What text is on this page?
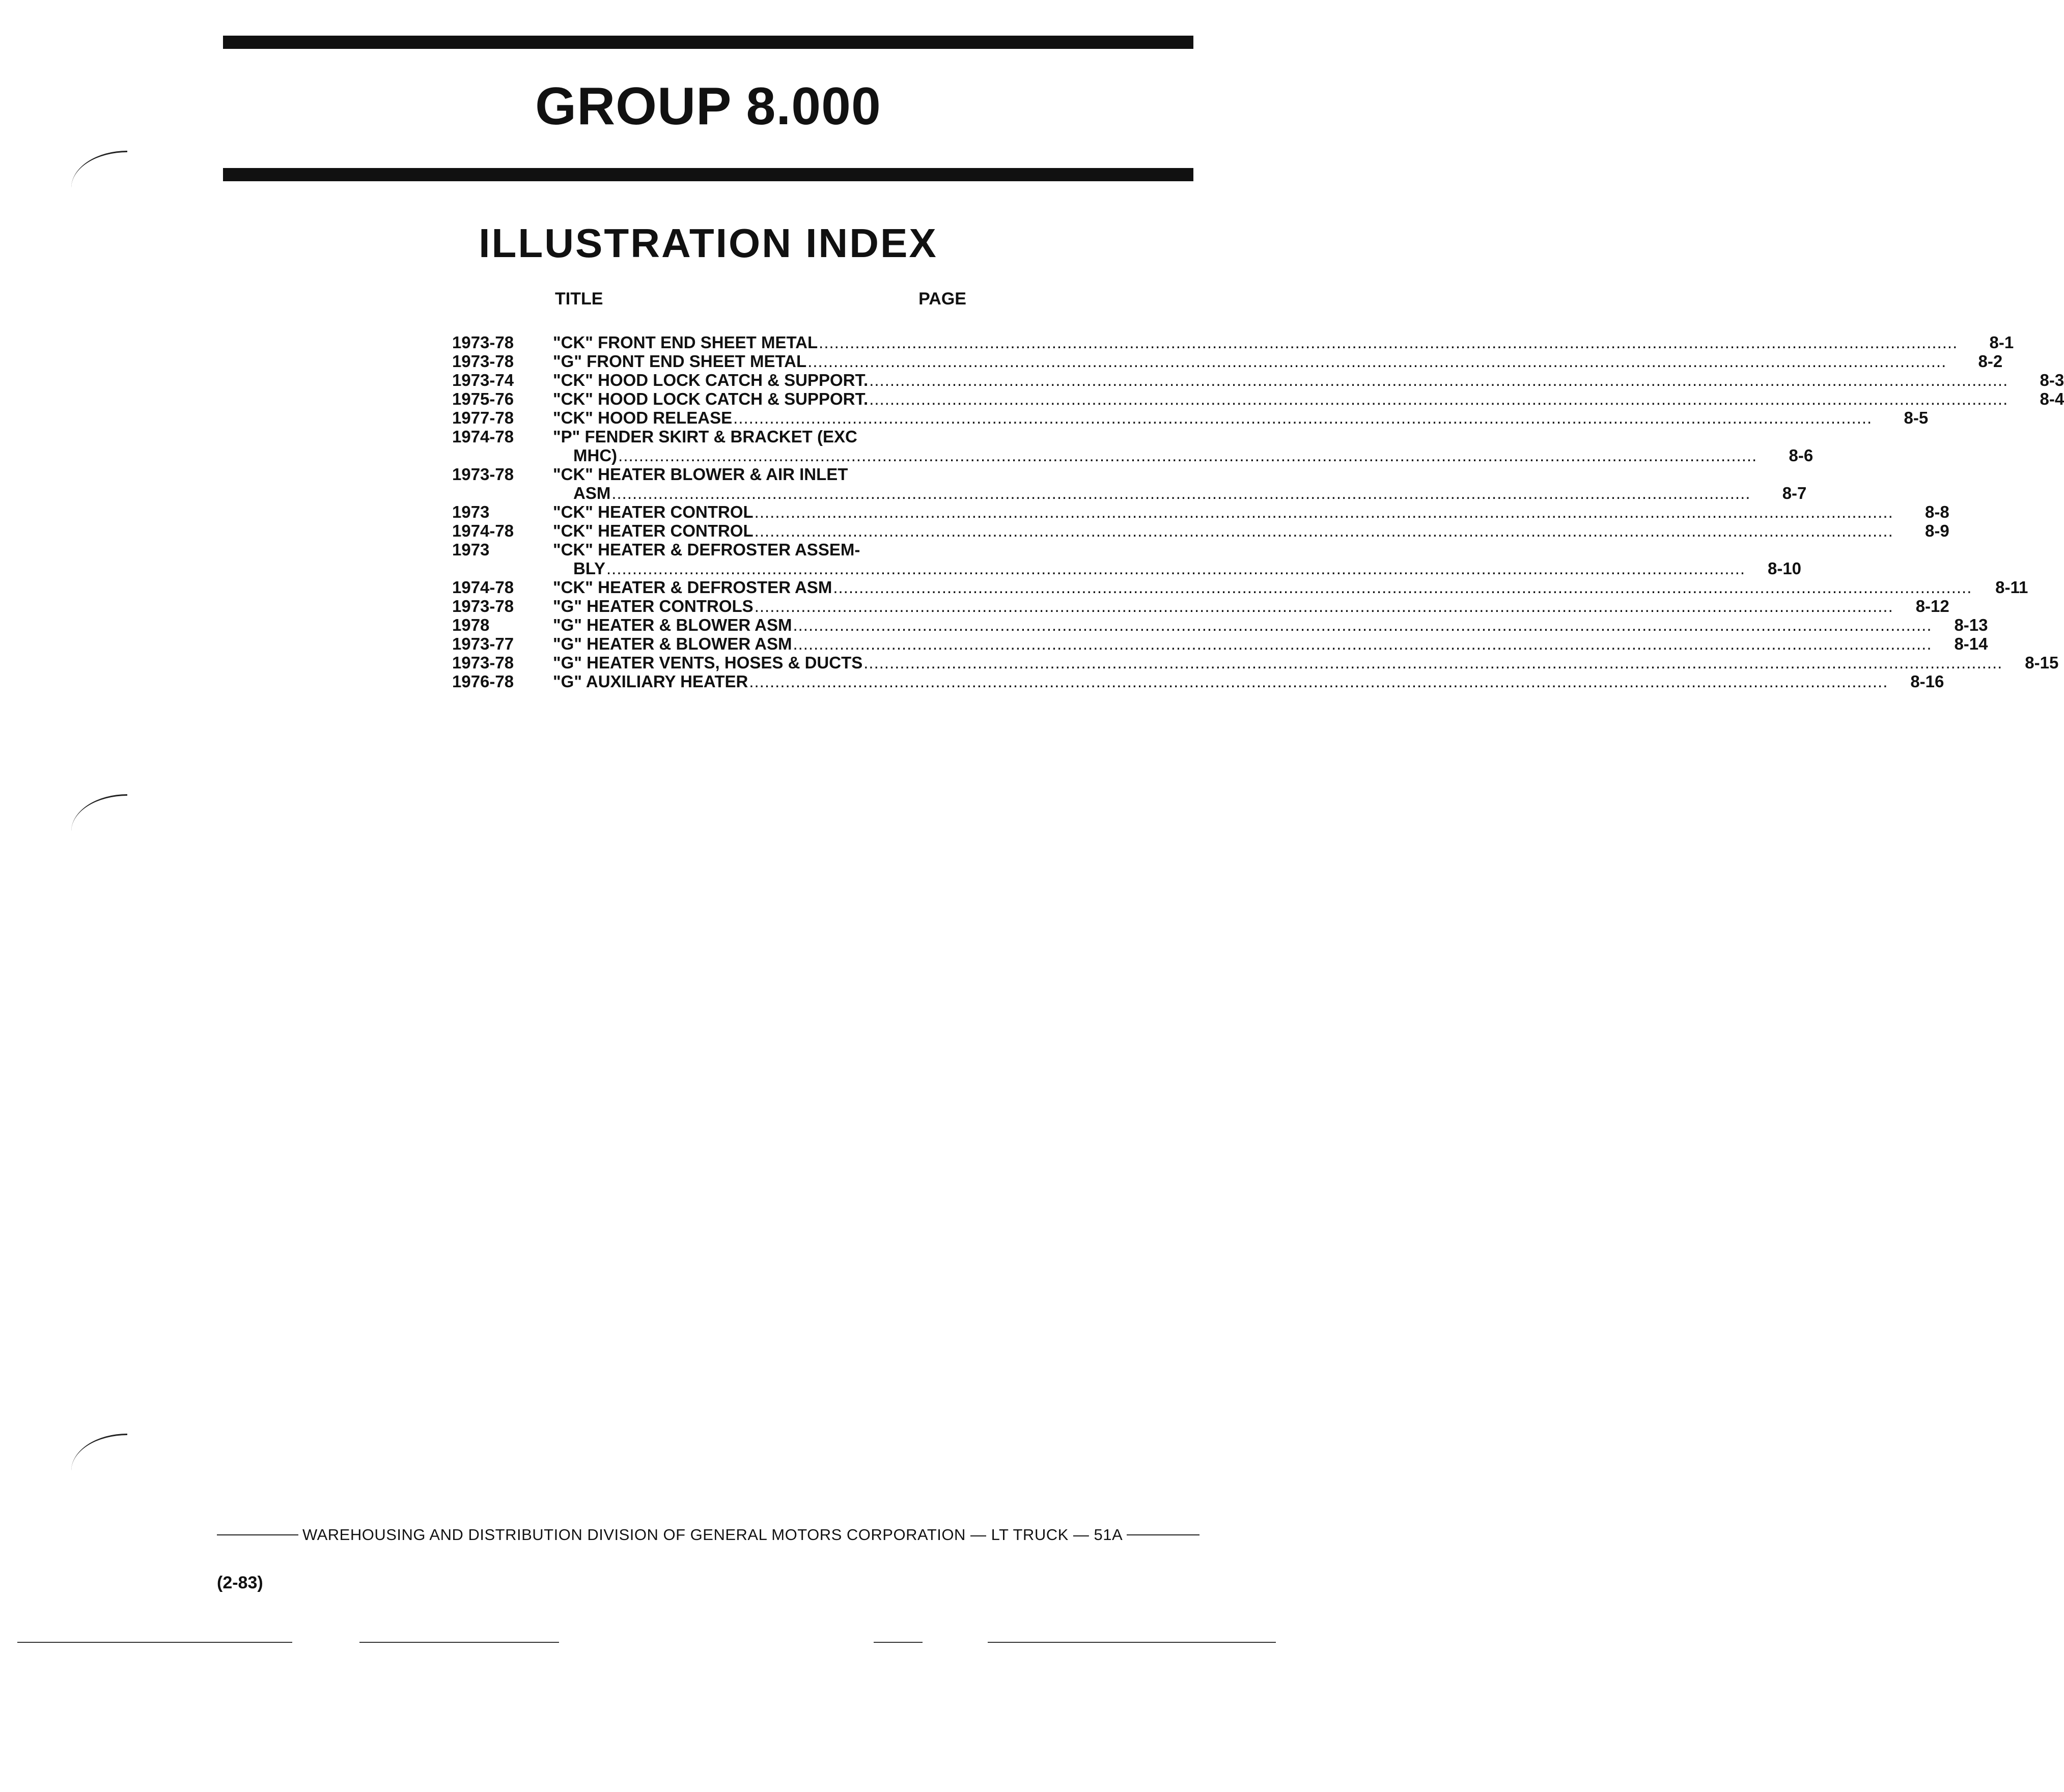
GROUP 8.000
ILLUSTRATION INDEX
TITLE	PAGE
1973-78	"CK" FRONT END SHEET METAL ............................................................................................................................................................................................................................	8-1
1973-78	"G" FRONT END SHEET METAL ............................................................................................................................................................................................................................	8-2
1973-74	"CK" HOOD LOCK CATCH & SUPPORT. ............................................................................................................................................................................................................................	8-3
1975-76	"CK" HOOD LOCK CATCH & SUPPORT. ............................................................................................................................................................................................................................	8-4
1977-78	"CK" HOOD RELEASE ............................................................................................................................................................................................................................	8-5
1974-78	"P" FENDER SKIRT & BRACKET (EXC
MHC) ............................................................................................................................................................................................................................	8-6
1973-78	"CK" HEATER BLOWER & AIR INLET
ASM ............................................................................................................................................................................................................................	8-7
1973	"CK" HEATER CONTROL ............................................................................................................................................................................................................................	8-8
1974-78	"CK" HEATER CONTROL ............................................................................................................................................................................................................................	8-9
1973	"CK" HEATER & DEFROSTER ASSEM-
BLY ............................................................................................................................................................................................................................	8-10
1974-78	"CK" HEATER & DEFROSTER ASM ............................................................................................................................................................................................................................	8-11
1973-78	"G" HEATER CONTROLS ............................................................................................................................................................................................................................	8-12
1978	"G" HEATER & BLOWER ASM ............................................................................................................................................................................................................................	8-13
1973-77	"G" HEATER & BLOWER ASM ............................................................................................................................................................................................................................	8-14
1973-78	"G" HEATER VENTS, HOSES & DUCTS ............................................................................................................................................................................................................................	8-15
1976-78	"G" AUXILIARY HEATER ............................................................................................................................................................................................................................	8-16
WAREHOUSING AND DISTRIBUTION DIVISION OF GENERAL MOTORS CORPORATION — LT TRUCK — 51A
(2-83)
